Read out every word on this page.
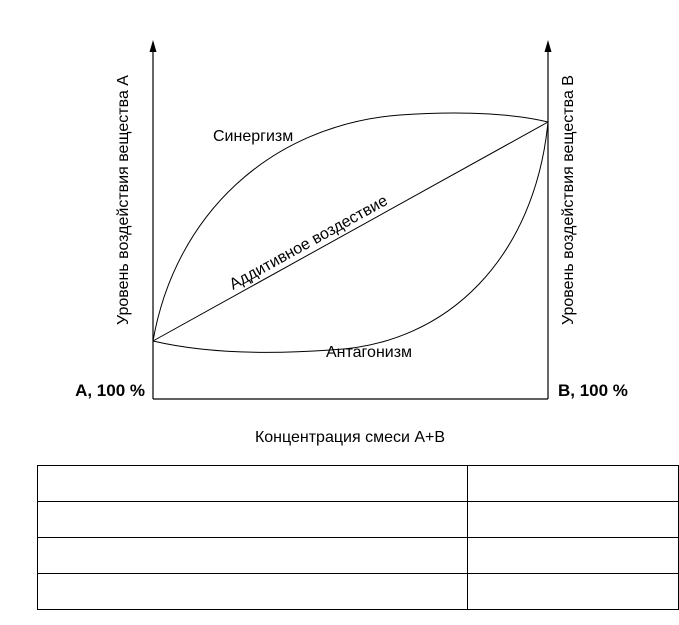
Уровень воздействия вещества А	Уровень воздействия вещества В
Синергизм
Аддитивное воздествие
Антагонизм
А, 100 %	В, 100 %
Концентрация смеси А+В
